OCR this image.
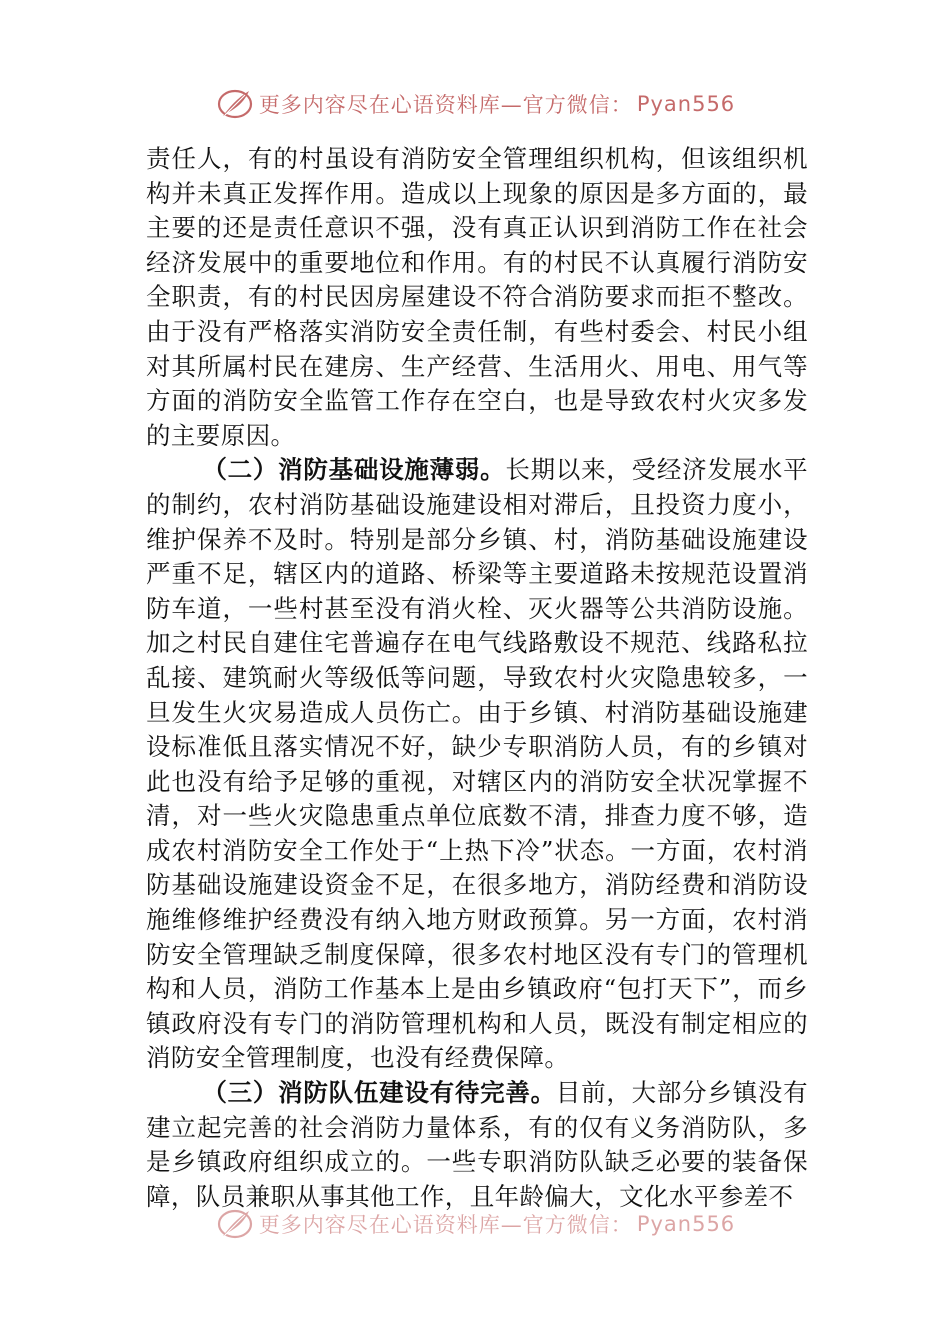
更多内容尽在心语资料库—官方微信： Pyan556

责任人，有的村虽设有消防安全管理组织机构，但该组织机构并未真正发挥作用。造成以上现象的原因是多方面的，最主要的还是责任意识不强，没有真正认识到消防工作在社会经济发展中的重要地位和作用。有的村民不认真履行消防安全职责，有的村民因房屋建设不符合消防要求而拒不整改。由于没有严格落实消防安全责任制，有些村委会、村民小组对其所属村民在建房、生产经营、生活用火、用电、用气等方面的消防安全监管工作存在空白，也是导致农村火灾多发的主要原因。

（二）消防基础设施薄弱。长期以来，受经济发展水平的制约，农村消防基础设施建设相对滞后，且投资力度小，维护保养不及时。特别是部分乡镇、村，消防基础设施建设严重不足，辖区内的道路、桥梁等主要道路未按规范设置消防车道，一些村甚至没有消火栓、灭火器等公共消防设施。加之村民自建住宅普遍存在电气线路敷设不规范、线路私拉乱接、建筑耐火等级低等问题，导致农村火灾隐患较多，一旦发生火灾易造成人员伤亡。由于乡镇、村消防基础设施建设标准低且落实情况不好，缺少专职消防人员，有的乡镇对此也没有给予足够的重视，对辖区内的消防安全状况掌握不清，对一些火灾隐患重点单位底数不清，排查力度不够，造成农村消防安全工作处于“上热下冷”状态。一方面，农村消防基础设施建设资金不足，在很多地方，消防经费和消防设施维修维护经费没有纳入地方财政预算。另一方面，农村消防安全管理缺乏制度保障，很多农村地区没有专门的管理机构和人员，消防工作基本上是由乡镇政府“包打天下”，而乡镇政府没有专门的消防管理机构和人员，既没有制定相应的消防安全管理制度，也没有经费保障。

（三）消防队伍建设有待完善。目前，大部分乡镇没有建立起完善的社会消防力量体系，有的仅有义务消防队，多是乡镇政府组织成立的。一些专职消防队缺乏必要的装备保障，队员兼职从事其他工作，且年龄偏大，文化水平参差不

更多内容尽在心语资料库—官方微信： Pyan556
